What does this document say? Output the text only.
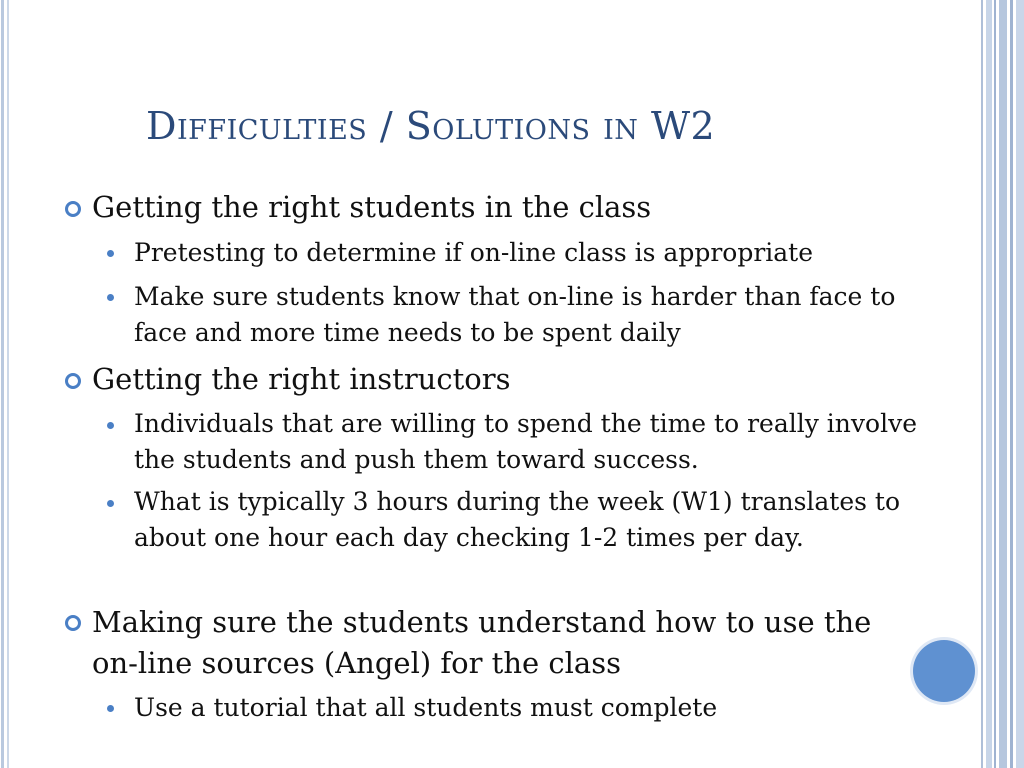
Difficulties / Solutions in W2
Getting the right students in the class
Pretesting to determine if on-line class is appropriate
Make sure students know that on-line is harder than face to face and more time needs to be spent daily
Getting the right instructors
Individuals that are willing to spend the time to really involve the students and push them toward success.
What is typically 3 hours during the week (W1) translates to about one hour each day checking 1-2 times per day.
Making sure the students understand how to use the on-line sources (Angel) for the class
Use a tutorial that all students must complete
